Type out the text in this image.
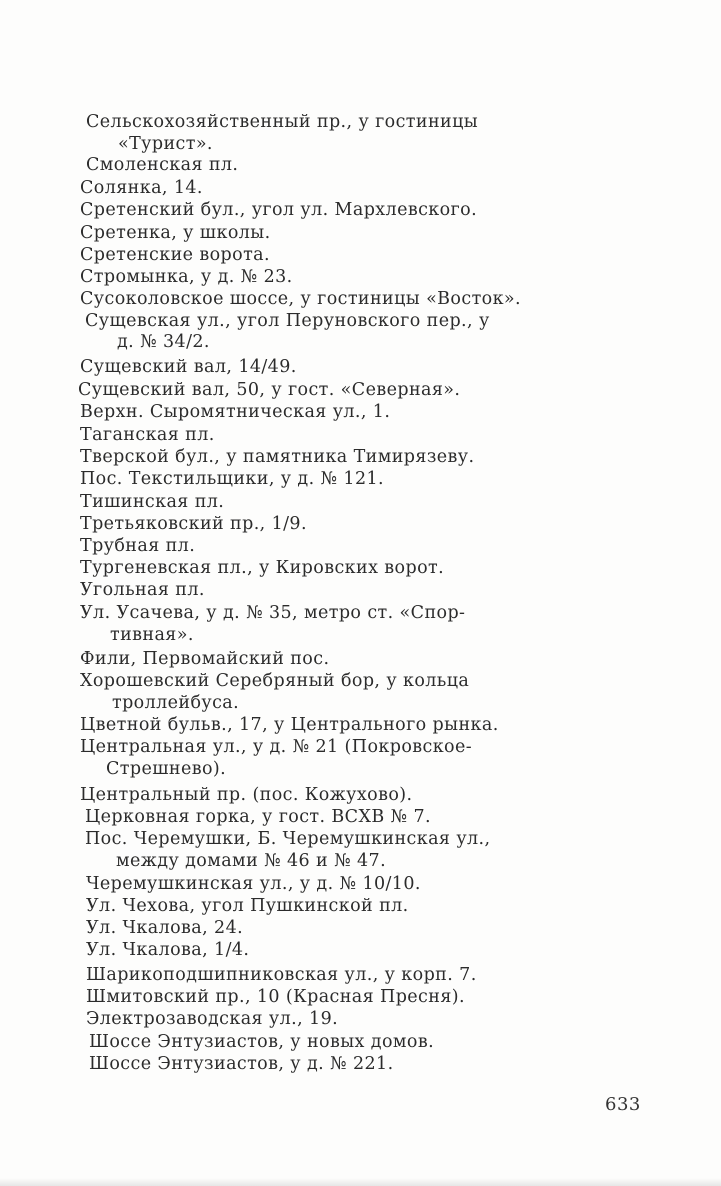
Сельскохозяйственный пр., у гостиницы
«Турист».
Смоленская пл.
Солянка, 14.
Сретенский бул., угол ул. Мархлевского.
Сретенка, у школы.
Сретенские ворота.
Стромынка, у д. № 23.
Сусоколовское шоссе, у гостиницы «Восток».
Сущевская ул., угол Перуновского пер., у
д. № 34/2.
Сущевский вал, 14/49.
Сущевский вал, 50, у гост. «Северная».
Верхн. Сыромятническая ул., 1.
Таганская пл.
Тверской бул., у памятника Тимирязеву.
Пос. Текстильщики, у д. № 121.
Тишинская пл.
Третьяковский пр., 1/9.
Трубная пл.
Тургеневская пл., у Кировских ворот.
Угольная пл.
Ул. Усачева, у д. № 35, метро ст. «Спор-
тивная».
Фили, Первомайский пос.
Хорошевский Серебряный бор, у кольца
троллейбуса.
Цветной бульв., 17, у Центрального рынка.
Центральная ул., у д. № 21 (Покровское-
Стрешнево).
Центральный пр. (пос. Кожухово).
Церковная горка, у гост. ВСХВ № 7.
Пос. Черемушки, Б. Черемушкинская ул.,
между домами № 46 и № 47.
Черемушкинская ул., у д. № 10/10.
Ул. Чехова, угол Пушкинской пл.
Ул. Чкалова, 24.
Ул. Чкалова, 1/4.
Шарикоподшипниковская ул., у корп. 7.
Шмитовский пр., 10 (Красная Пресня).
Электрозаводская ул., 19.
Шоссе Энтузиастов, у новых домов.
Шоссе Энтузиастов, у д. № 221.
633
